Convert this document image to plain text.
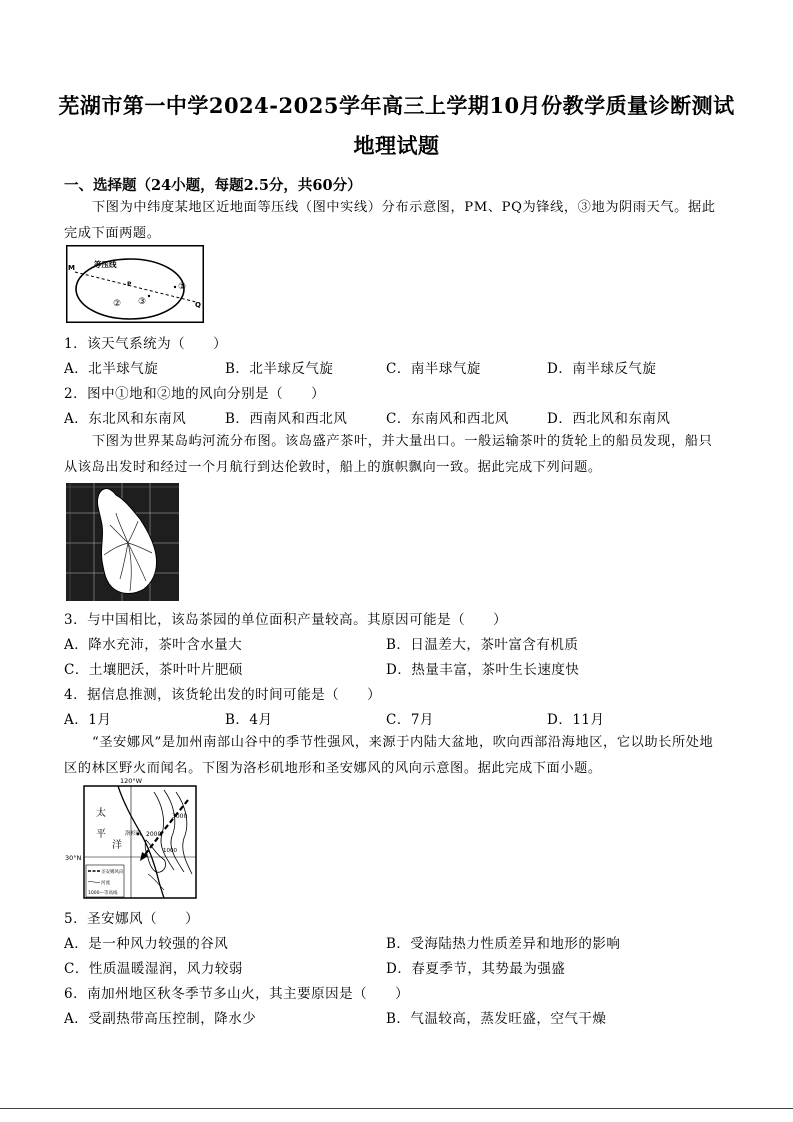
芜湖市第一中学2024-2025学年高三上学期10月份教学质量诊断测试
地理试题
一、选择题（24小题，每题2.5分，共60分）
下图为中纬度某地区近地面等压线（图中实线）分布示意图，PM、PQ为锋线，③地为阴雨天气。据此完成下面两题。
等压线
M
P
Q
①
③
②
1．该天气系统为（　　）
A．北半球气旋	B．北半球反气旋	C．南半球气旋	D．南半球反气旋
2．图中①地和②地的风向分别是（　　）
A．东北风和东南风	B．西南风和西北风	C．东南风和西北风	D．西北风和东南风
下图为世界某岛屿河流分布图。该岛盛产茶叶，并大量出口。一般运输茶叶的货轮上的船员发现，船只从该岛出发时和经过一个月航行到达伦敦时，船上的旗帜飘向一致。据此完成下列问题。
3．与中国相比，该岛茶园的单位面积产量较高。其原因可能是（　　）
A．降水充沛，茶叶含水量大	B．日温差大，茶叶富含有机质
C．土壤肥沃，茶叶叶片肥硕	D．热量丰富，茶叶生长速度快
4．据信息推测，该货轮出发的时间可能是（　　）
A．1月	B．4月	C．7月	D．11月
“圣安娜风”是加州南部山谷中的季节性强风，来源于内陆大盆地，吹向西部沿海地区，它以助长所处地区的林区野火而闻名。下图为洛杉矶地形和圣安娜风的风向示意图。据此完成下面小题。
120°W
30°N
太
平
洋
洛杉矶
3000
2000
1000
圣安娜风向
河流
1000—等高线
5．圣安娜风（　　）
A．是一种风力较强的谷风	B．受海陆热力性质差异和地形的影响
C．性质温暖湿润，风力较弱	D．春夏季节，其势最为强盛
6．南加州地区秋冬季节多山火，其主要原因是（　　）
A．受副热带高压控制，降水少	B．气温较高，蒸发旺盛，空气干燥
